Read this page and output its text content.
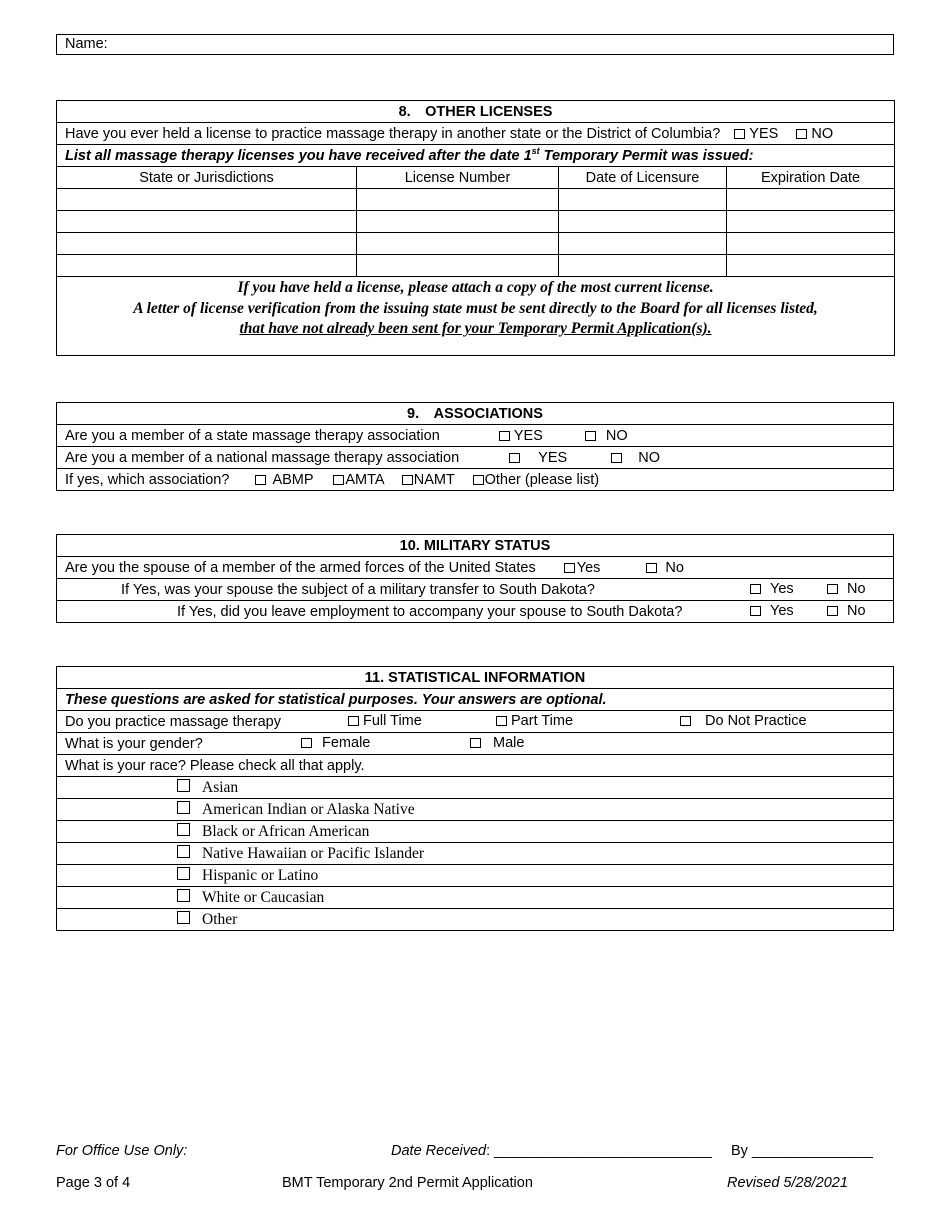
Name:
8. OTHER LICENSES			
Have you ever held a license to practice massage therapy in another state or the District of Columbia? YES NO			
List all massage therapy licenses you have received after the date 1st Temporary Permit was issued:			
State or Jurisdictions	License Number	Date of Licensure	Expiration Date

If you have held a license, please attach a copy of the most current license.
A letter of license verification from the issuing state must be sent directly to the Board for all licenses listed,
that have not already been sent for your Temporary Permit Application(s).			
9. ASSOCIATIONS
Are you a member of a state massage therapy association	YES	NO
Are you a member of a national massage therapy association	YES	NO
If yes, which association?	ABMP AMTA NAMT Other (please list)
10. MILITARY STATUS
Are you the spouse of a member of the armed forces of the United States	Yes	No
If Yes, was your spouse the subject of a military transfer to South Dakota?	Yes	No

If Yes, did you leave employment to accompany your spouse to South Dakota?	Yes	No
11. STATISTICAL INFORMATION
These questions are asked for statistical purposes. Your answers are optional.
Do you practice massage therapy	Full Time	Part Time	Do Not Practice

What is your gender?	Female	Male

What is your race? Please check all that apply.
Asian
American Indian or Alaska Native
Black or African American
Native Hawaiian or Pacific Islander
Hispanic or Latino
White or Caucasian
Other
For Office Use Only:	Date Received: ___________________________ By _______________
Page 3 of 4	BMT Temporary 2nd Permit Application	Revised 5/28/2021
